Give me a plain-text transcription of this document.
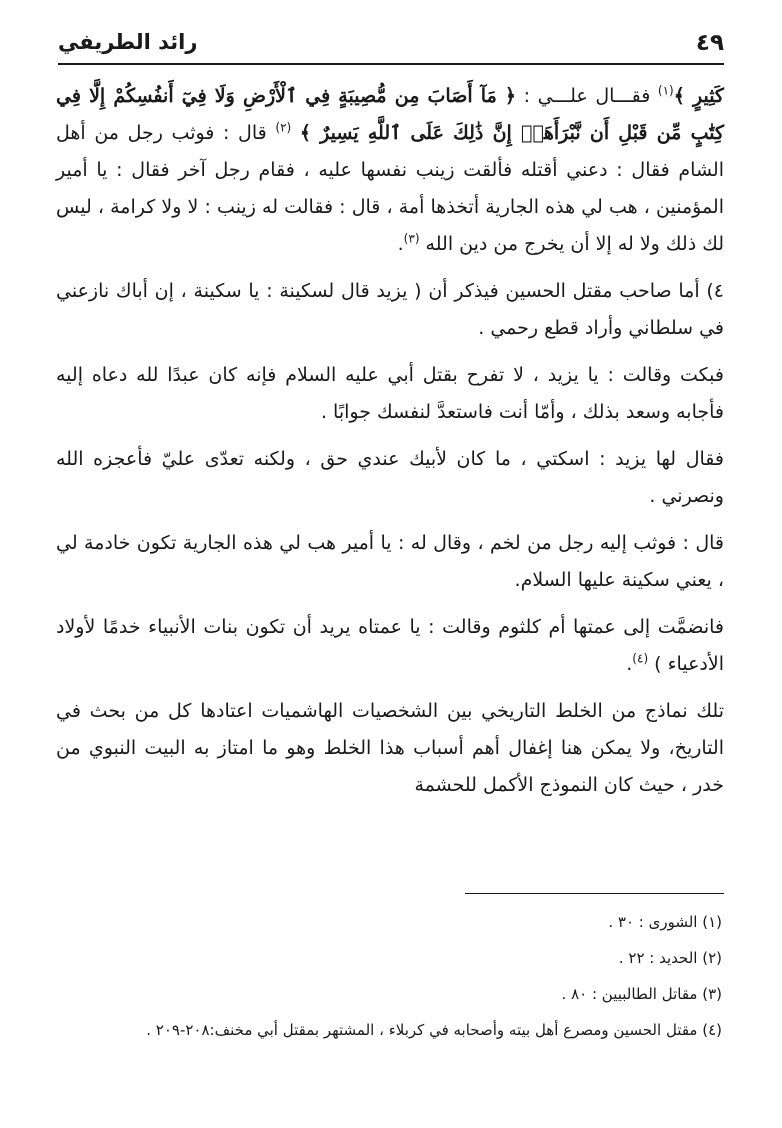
٤٩
رائد الطريفي

كَثِيرٍ ﴾$^{(١)}$ فقـــال علـــي : ﴿ مَآ أَصَابَ مِن مُّصِيبَةٍ فِي ٱلْأَرْضِ وَلَا فِيٓ أَنفُسِكُمْ إِلَّا فِي كِتَٰبٍ مِّن قَبْلِ أَن نَّبْرَأَهَآۚ إِنَّ ذَٰلِكَ عَلَى ٱللَّهِ يَسِيرٌ ﴾ $^{(٢)}$ قال : فوثب رجل من أهل الشام فقال : دعني أقتله فألقت زينب نفسها عليه ، فقام رجل آخر فقال : يا أمير المؤمنين ، هب لي هذه الجارية أتخذها أمة ، قال : فقالت له زينب : لا ولا كرامة ، ليس لك ذلك ولا له إلا أن يخرج من دين الله $^{(٣)}$.

٤) أما صاحب مقتل الحسين فيذكر أن ( يزيد قال لسكينة : يا سكينة ، إن أباك نازعني في سلطاني وأراد قطع رحمي .

فبكت وقالت : يا يزيد ، لا تفرح بقتل أبي عليه السلام فإنه كان عبدًا لله دعاه إليه فأجابه وسعد بذلك ، وأمّا أنت فاستعدَّ لنفسك جوابًا .

فقال لها يزيد : اسكتي ، ما كان لأبيك عندي حق ، ولكنه تعدّى عليّ فأعجزه الله ونصرني .

قال : فوثب إليه رجل من لخم ، وقال له : يا أمير هب لي هذه الجارية تكون خادمة لي ، يعني سكينة عليها السلام.

فانضمَّت إلى عمتها أم كلثوم وقالت : يا عمتاه يريد أن تكون بنات الأنبياء خدمًا لأولاد الأدعياء ) $^{(٤)}$.

تلك نماذج من الخلط التاريخي بين الشخصيات الهاشميات اعتادها كل من بحث في التاريخ، ولا يمكن هنا إغفال أهم أسباب هذا الخلط وهو ما امتاز به البيت النبوي من خدر ، حيث كان النموذج الأكمل للحشمة

(١) الشورى : ٣٠ .

(٢) الحديد : ٢٢ .

(٣) مقاتل الطالبيين : ٨٠ .

(٤) مقتل الحسين ومصرع أهل بيته وأصحابه في كربلاء ، المشتهر بمقتل أبي مخنف:٢٠٨-٢٠٩ .
